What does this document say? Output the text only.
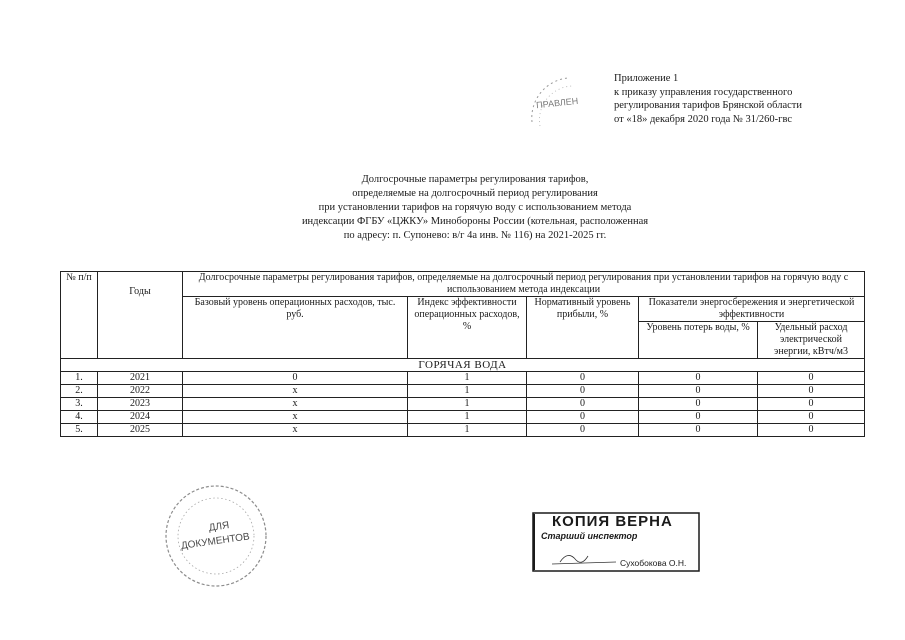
Приложение 1
к приказу управления государственного
регулирования тарифов Брянской области
от «18» декабря 2020 года № 31/260-гвс
ПРАВЛЕН
Долгосрочные параметры регулирования тарифов,
определяемые на долгосрочный период регулирования
при установлении тарифов на горячую воду с использованием метода
индексации ФГБУ «ЦЖКУ» Минобороны России (котельная, расположенная
по адресу: п. Супонево: в/г 4а инв. № 116) на 2021-2025 гг.
№ п/п	Годы	Долгосрочные параметры регулирования тарифов, определяемые на долгосрочный период регулирования при установлении тарифов на горячую воду с использованием метода индексации				
		Базовый уровень операционных расходов, тыс. руб.	Индекс эффективности операционных расходов, %	Нормативный уровень прибыли, %	Показатели энергосбережения и энергетической эффективности	
					Уровень потерь воды, %	Удельный расход электрической энергии, кВтч/м3
ГОРЯЧАЯ ВОДА						
1.	2021	0	1	0	0	0
2.	2022	x	1	0	0	0
3.	2023	x	1	0	0	0
4.	2024	x	1	0	0	0
5.	2025	x	1	0	0	0
ДЛЯ
ДОКУМЕНТОВ
КОПИЯ ВЕРНА
Старший инспектор
Сухобокова О.Н.
